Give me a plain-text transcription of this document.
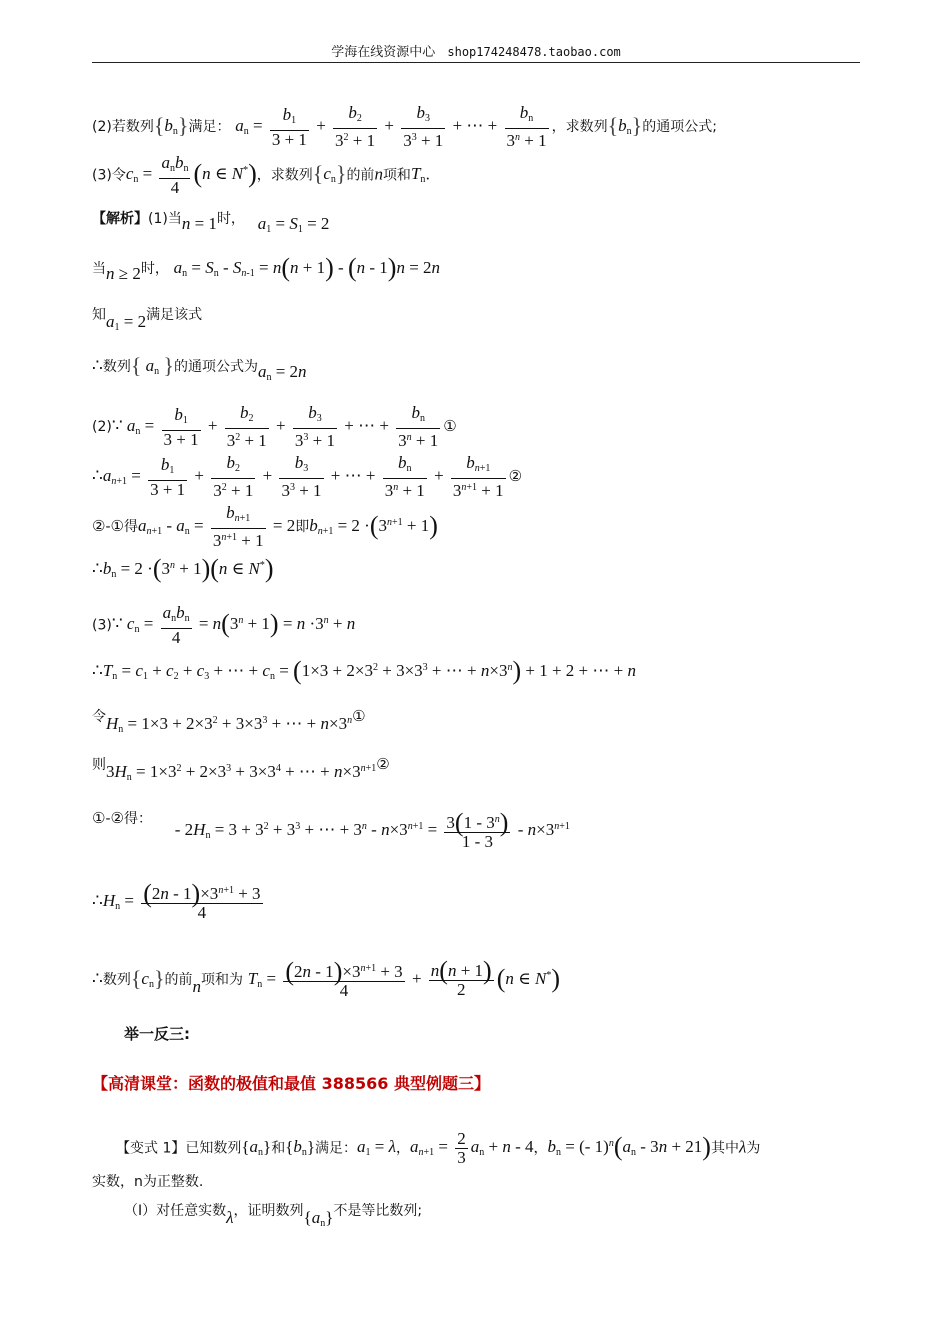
学海在线资源中心 shop174248478.taobao.com
(2)若数列$\{b_n\}$满足： $a_n = \frac{b_1}{3 + 1} + \frac{b_2}{3^2 + 1} + \frac{b_3}{3^3 + 1}$ + ⋯ + $\frac{b_n}{3^n + 1}$ ，求数列$\{b_n\}$的通项公式;
(3)令$c_n$ =
$a_nb_n$
4 (n ∈ N*)，求数列$\{c_n\}$的前n项和$T_n$.
【解析】(1)当n = 1时， $a_1 = S_1 = 2$
当n ≥ 2时， $a_n = S_n - S_{n-1} = n(n + 1) - (n - 1)n = 2n$
知$a_1 = 2$满足该式
∴数列{ $a_n$ }的通项公式为$a_n = 2n$
(2)∵ $a_n = \frac{b_1}{3 + 1} + \frac{b_2}{3^2 + 1} + \frac{b_3}{3^3 + 1}$ + ⋯ + $\frac{b_n}{3^n + 1}$ ①
$\therefore a_{n+1} = \frac{b_1}{3 + 1} + \frac{b_2}{3^2 + 1} + \frac{b_3}{3^3 + 1}$ + ⋯ + $\frac{b_n}{3^n + 1} + \frac{b_{n+1}}{3^{n+1} + 1}$ ②
②-①得$a_{n+1} - a_n = \frac{b_{n+1}}{3^{n+1} + 1} = 2$即$b_{n+1} = 2 \cdot(3^{n+1} + 1)$
$\therefore b_n = 2 \cdot(3^n + 1)(n$ ∈ N*)
(3)∵ $c_n$ =
$a_nb_n$
4
= $n(3^n + 1) = n \cdot 3^n + n$
$\therefore T_n = c_1 + c_2 + c_3$ + ⋯ + $c_n = (1\times 3 + 2\times 3^2 + 3\times 3^3$ + ⋯ + $n\times 3^n) + 1 + 2$ + ⋯ + n
令$H_n = 1\times 3 + 2\times 3^2 + 3\times 3^3$ + ⋯ + $n\times 3^n①$
则$3H_n = 1\times 3^2 + 2\times 3^3 + 3\times 3^4$ + ⋯ + $n\times 3^{n+1}②$
①-②得： - $2H_n = 3 + 3^2 + 3^3$ + ⋯ + $3^n - n\times 3^{n+1} = \frac{3(1 - 3^n)}{1 - 3} - n\times 3^{n+1}$
$\therefore H_n = \frac{(2n - 1)\times 3^{n+1} + 3}{4}$
∴数列$\{c_n\}$的前n项和为 $T_n = \frac{(2n - 1)\times 3^{n+1} + 3}{4} + \frac{n(n + 1)}{2} (n$ ∈ N*)
举一反三:
【高清课堂：函数的极值和最值 388566 典型例题三】
【变式 1】已知数列$\{a_n\}$和$\{b_n\}$满足：$a_1 = \lambda$，$a_{n+1} = \frac{2}{3} a_n + n - 4$，$b_n$ = (- $1)^n(a_n - 3n + 21)$其中λ为
实数，n为正整数.
（Ⅰ）对任意实数λ，证明数列$\{a_n\}$不是等比数列;
